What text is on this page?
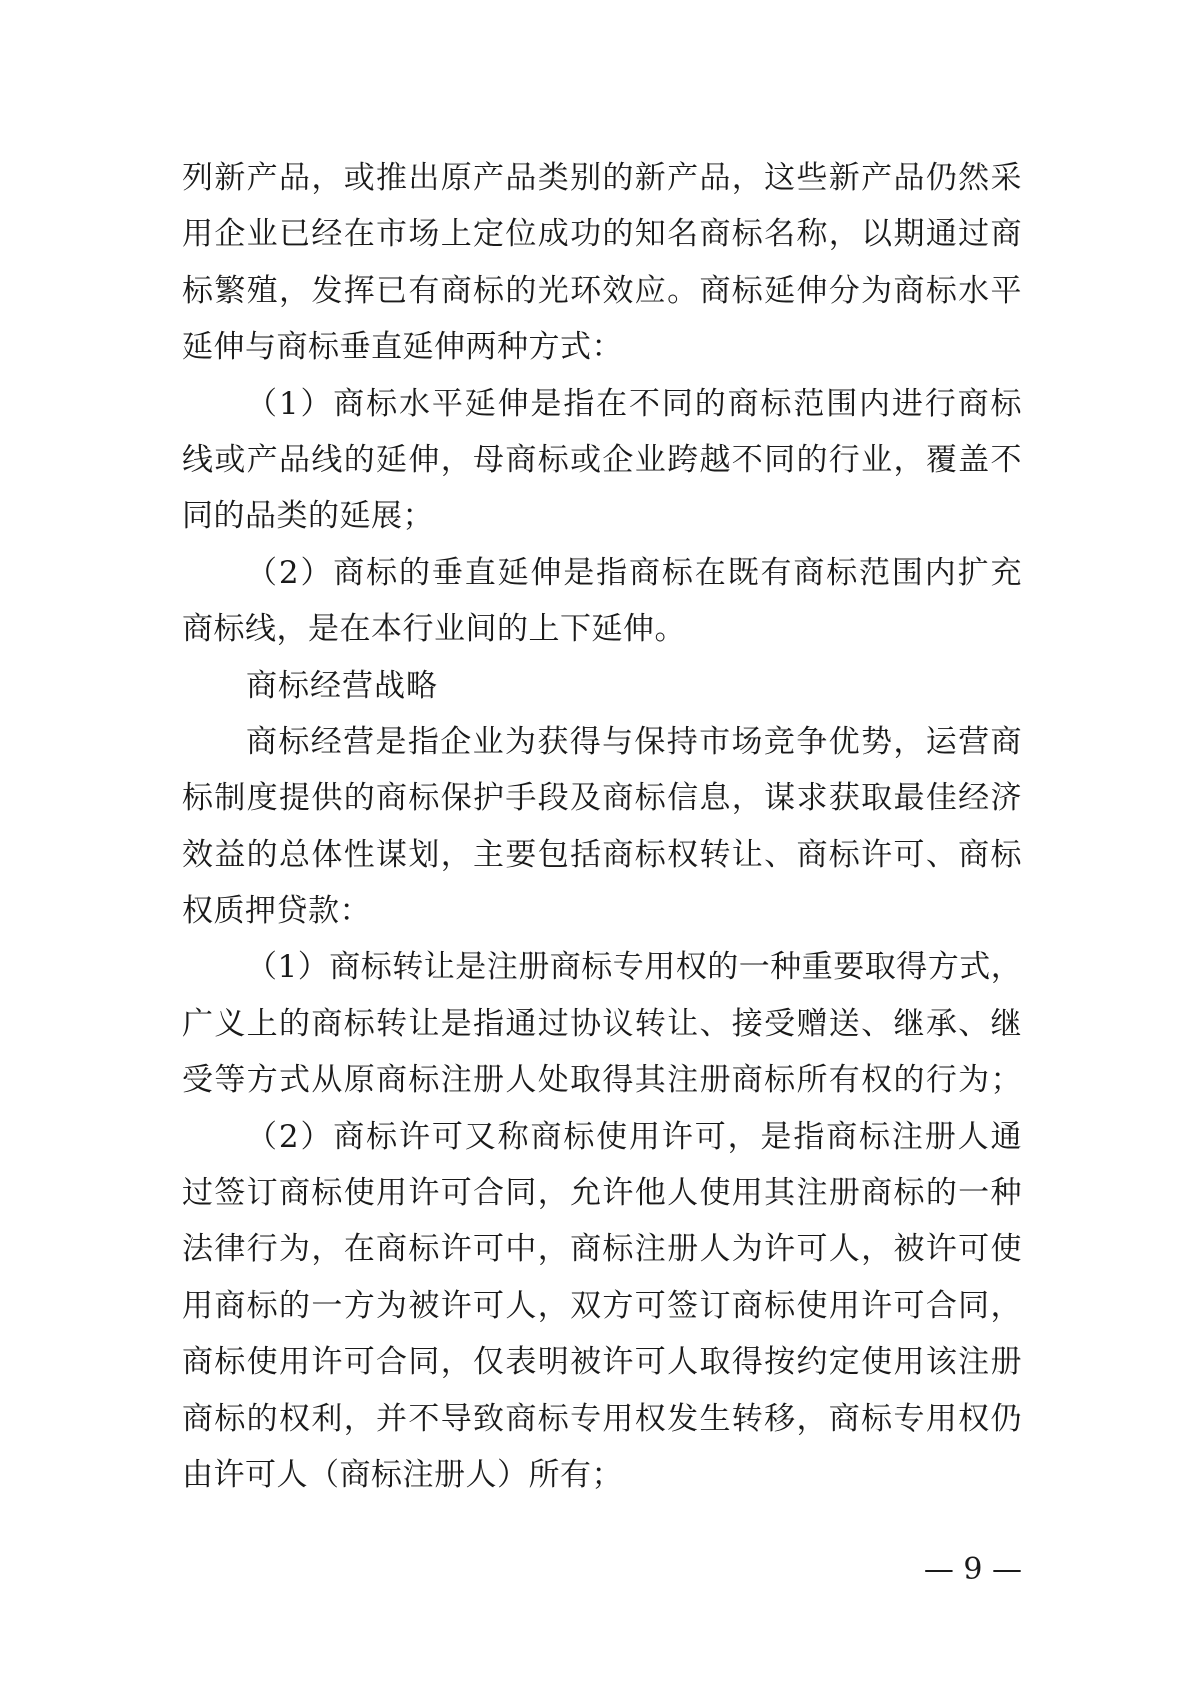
列新产品，或推出原产品类别的新产品，这些新产品仍然采
用企业已经在市场上定位成功的知名商标名称，以期通过商
标繁殖，发挥已有商标的光环效应。商标延伸分为商标水平
延伸与商标垂直延伸两种方式：
（1）商标水平延伸是指在不同的商标范围内进行商标
线或产品线的延伸，母商标或企业跨越不同的行业，覆盖不
同的品类的延展；
（2）商标的垂直延伸是指商标在既有商标范围内扩充
商标线，是在本行业间的上下延伸。
商标经营战略
商标经营是指企业为获得与保持市场竞争优势，运营商
标制度提供的商标保护手段及商标信息，谋求获取最佳经济
效益的总体性谋划，主要包括商标权转让、商标许可、商标
权质押贷款：
（1）商标转让是注册商标专用权的一种重要取得方式，
广义上的商标转让是指通过协议转让、接受赠送、继承、继
受等方式从原商标注册人处取得其注册商标所有权的行为；
（2）商标许可又称商标使用许可，是指商标注册人通
过签订商标使用许可合同，允许他人使用其注册商标的一种
法律行为，在商标许可中，商标注册人为许可人，被许可使
用商标的一方为被许可人，双方可签订商标使用许可合同，
商标使用许可合同，仅表明被许可人取得按约定使用该注册
商标的权利，并不导致商标专用权发生转移，商标专用权仍
由许可人（商标注册人）所有；
— 9 —
